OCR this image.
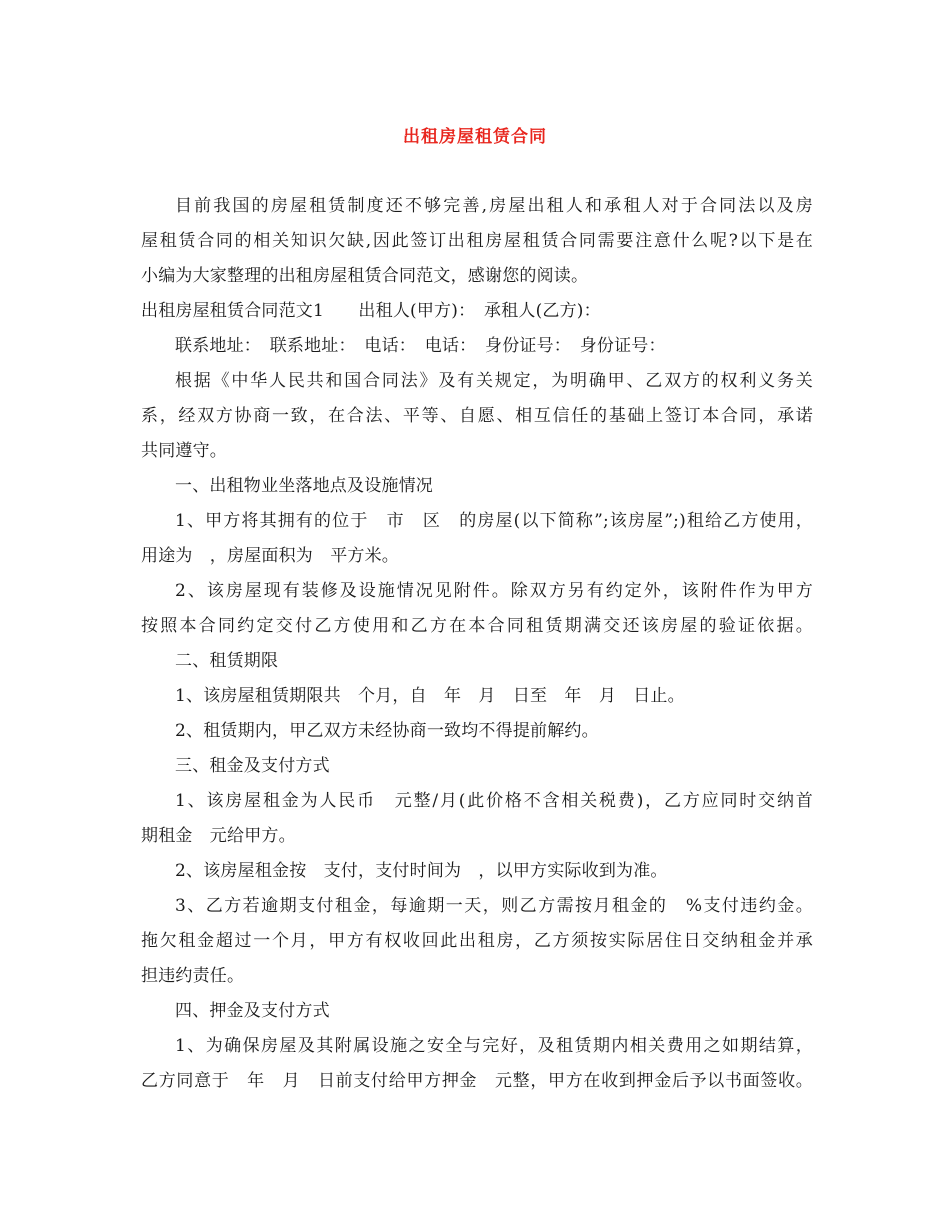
出租房屋租赁合同
目前我国的房屋租赁制度还不够完善,房屋出租人和承租人对于合同法以及房
屋租赁合同的相关知识欠缺,因此签订出租房屋租赁合同需要注意什么呢?以下是在
小编为大家整理的出租房屋租赁合同范文，感谢您的阅读。
出租房屋租赁合同范文1　　出租人(甲方)：　承租人(乙方)：
联系地址：　联系地址：　电话：　电话：　身份证号：　身份证号：
根据《中华人民共和国合同法》及有关规定，为明确甲、乙双方的权利义务关
系，经双方协商一致，在合法、平等、自愿、相互信任的基础上签订本合同，承诺
共同遵守。
一、出租物业坐落地点及设施情况
1、甲方将其拥有的位于　市　区　的房屋(以下简称”;该房屋”;)租给乙方使用，
用途为　，房屋面积为　平方米。
2、该房屋现有装修及设施情况见附件。除双方另有约定外，该附件作为甲方
按照本合同约定交付乙方使用和乙方在本合同租赁期满交还该房屋的验证依据。
二、租赁期限
1、该房屋租赁期限共　个月，自　年　月　日至　年　月　日止。
2、租赁期内，甲乙双方未经协商一致均不得提前解约。
三、租金及支付方式
1、该房屋租金为人民币　元整/月(此价格不含相关税费)，乙方应同时交纳首
期租金　元给甲方。
2、该房屋租金按　支付，支付时间为　，以甲方实际收到为准。
3、乙方若逾期支付租金，每逾期一天，则乙方需按月租金的　%支付违约金。
拖欠租金超过一个月，甲方有权收回此出租房，乙方须按实际居住日交纳租金并承
担违约责任。
四、押金及支付方式
1、为确保房屋及其附属设施之安全与完好，及租赁期内相关费用之如期结算，
乙方同意于　年　月　日前支付给甲方押金　元整，甲方在收到押金后予以书面签收。
